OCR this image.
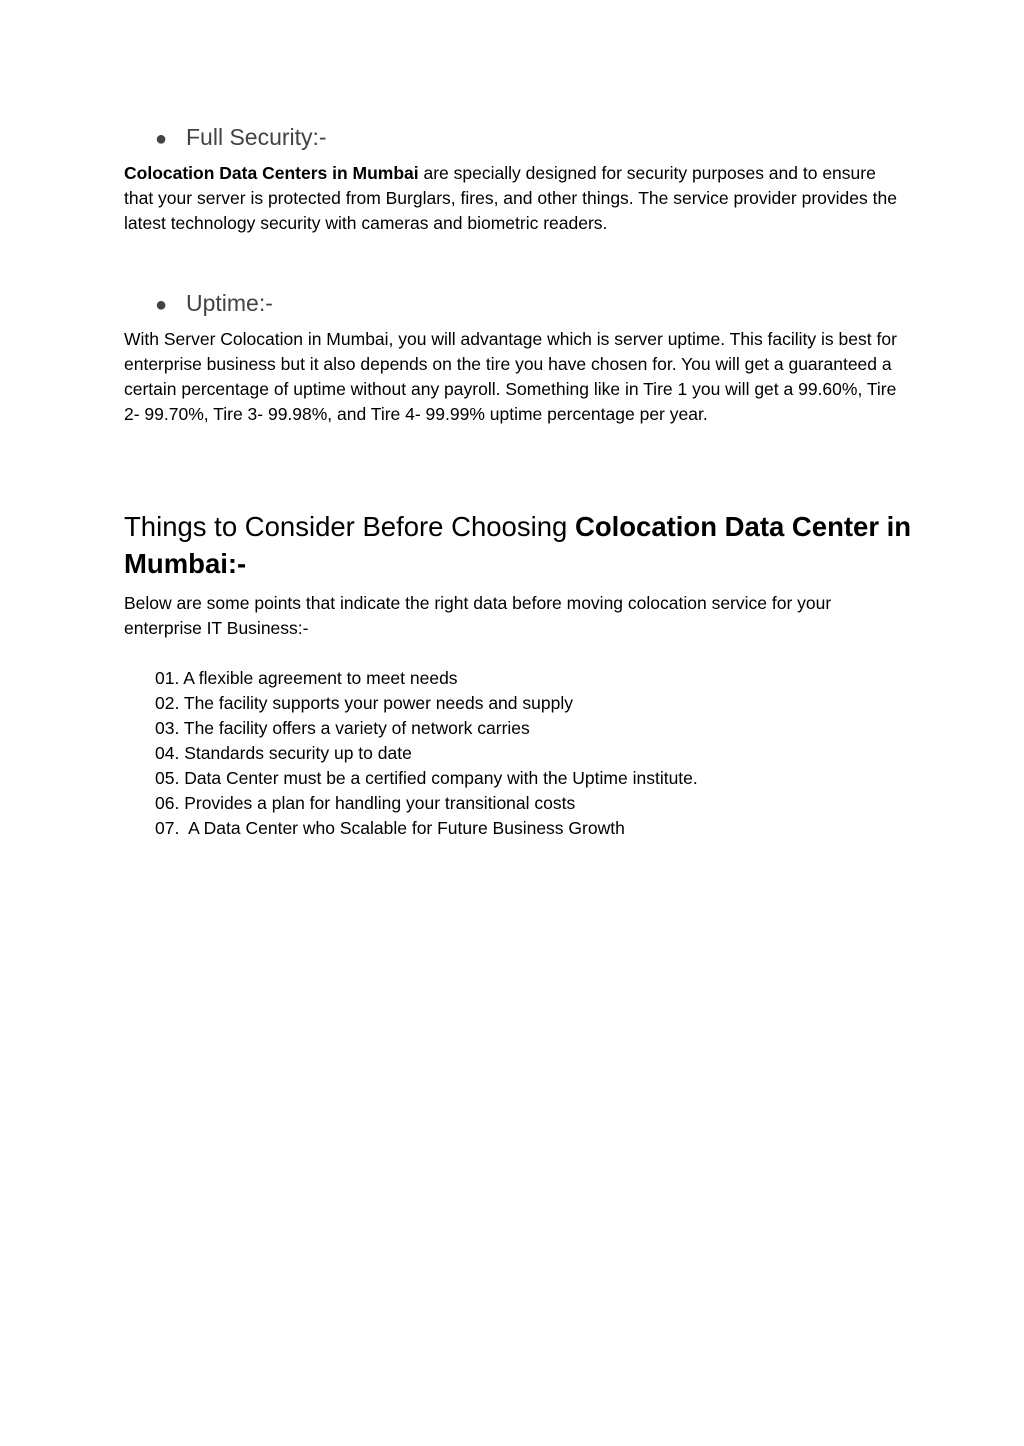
● Full Security:-

Colocation Data Centers in Mumbai are specially designed for security purposes and to ensure that your server is protected from Burglars, fires, and other things. The service provider provides the latest technology security with cameras and biometric readers.

● Uptime:-

With Server Colocation in Mumbai, you will advantage which is server uptime. This facility is best for enterprise business but it also depends on the tire you have chosen for. You will get a guaranteed a certain percentage of uptime without any payroll. Something like in Tire 1 you will get a 99.60%, Tire 2- 99.70%, Tire 3- 99.98%, and Tire 4- 99.99% uptime percentage per year.

Things to Consider Before Choosing Colocation Data Center in Mumbai:-

Below are some points that indicate the right data before moving colocation service for your enterprise IT Business:-

01. A flexible agreement to meet needs
02. The facility supports your power needs and supply
03. The facility offers a variety of network carries
04. Standards security up to date
05. Data Center must be a certified company with the Uptime institute.
06. Provides a plan for handling your transitional costs
07.  A Data Center who Scalable for Future Business Growth
